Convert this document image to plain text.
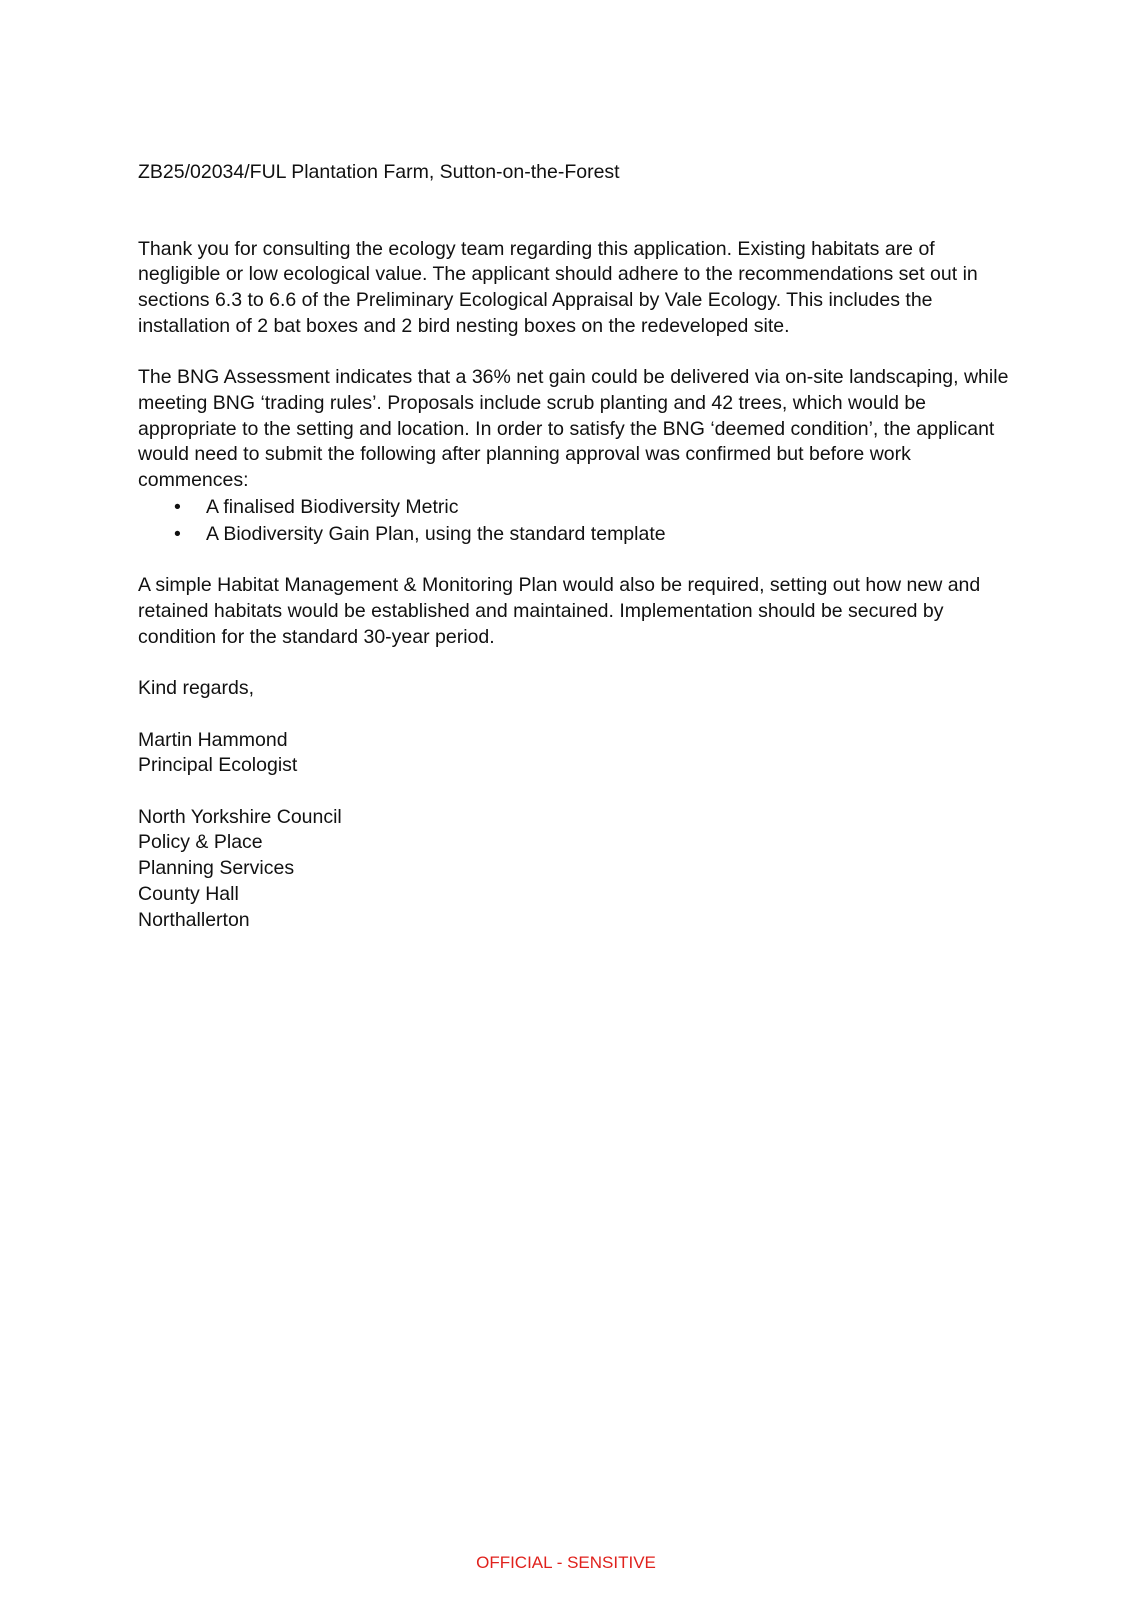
ZB25/02034/FUL Plantation Farm, Sutton-on-the-Forest

Thank you for consulting the ecology team regarding this application. Existing habitats are of negligible or low ecological value. The applicant should adhere to the recommendations set out in sections 6.3 to 6.6 of the Preliminary Ecological Appraisal by Vale Ecology. This includes the installation of 2 bat boxes and 2 bird nesting boxes on the redeveloped site.

The BNG Assessment indicates that a 36% net gain could be delivered via on-site landscaping, while meeting BNG ‘trading rules’. Proposals include scrub planting and 42 trees, which would be appropriate to the setting and location. In order to satisfy the BNG ‘deemed condition’, the applicant would need to submit the following after planning approval was confirmed but before work commences:

• A finalised Biodiversity Metric
• A Biodiversity Gain Plan, using the standard template

A simple Habitat Management & Monitoring Plan would also be required, setting out how new and retained habitats would be established and maintained. Implementation should be secured by condition for the standard 30-year period.

Kind regards,

Martin Hammond
Principal Ecologist
North Yorkshire Council
Policy & Place
Planning Services
County Hall
Northallerton
OFFICIAL - SENSITIVE
